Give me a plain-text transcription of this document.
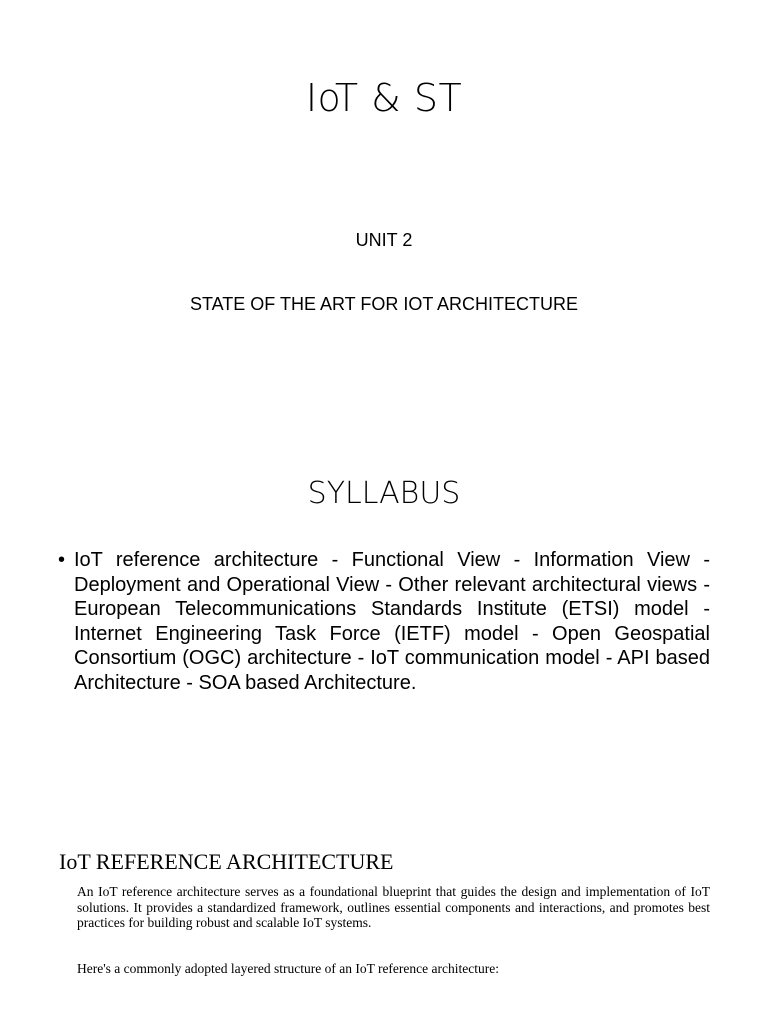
IoT & ST
UNIT 2
STATE OF THE ART FOR IOT ARCHITECTURE
SYLLABUS
• IoT reference architecture - Functional View - Information View - Deployment and Operational View - Other relevant architectural views - European Telecommunications Standards Institute (ETSI) model - Internet Engineering Task Force (IETF) model - Open Geospatial Consortium (OGC) architecture - IoT communication model - API based Architecture - SOA based Architecture.
IoT REFERENCE ARCHITECTURE
An IoT reference architecture serves as a foundational blueprint that guides the design and implementation of IoT solutions. It provides a standardized framework, outlines essential components and interactions, and promotes best practices for building robust and scalable IoT systems.
Here's a commonly adopted layered structure of an IoT reference architecture:
